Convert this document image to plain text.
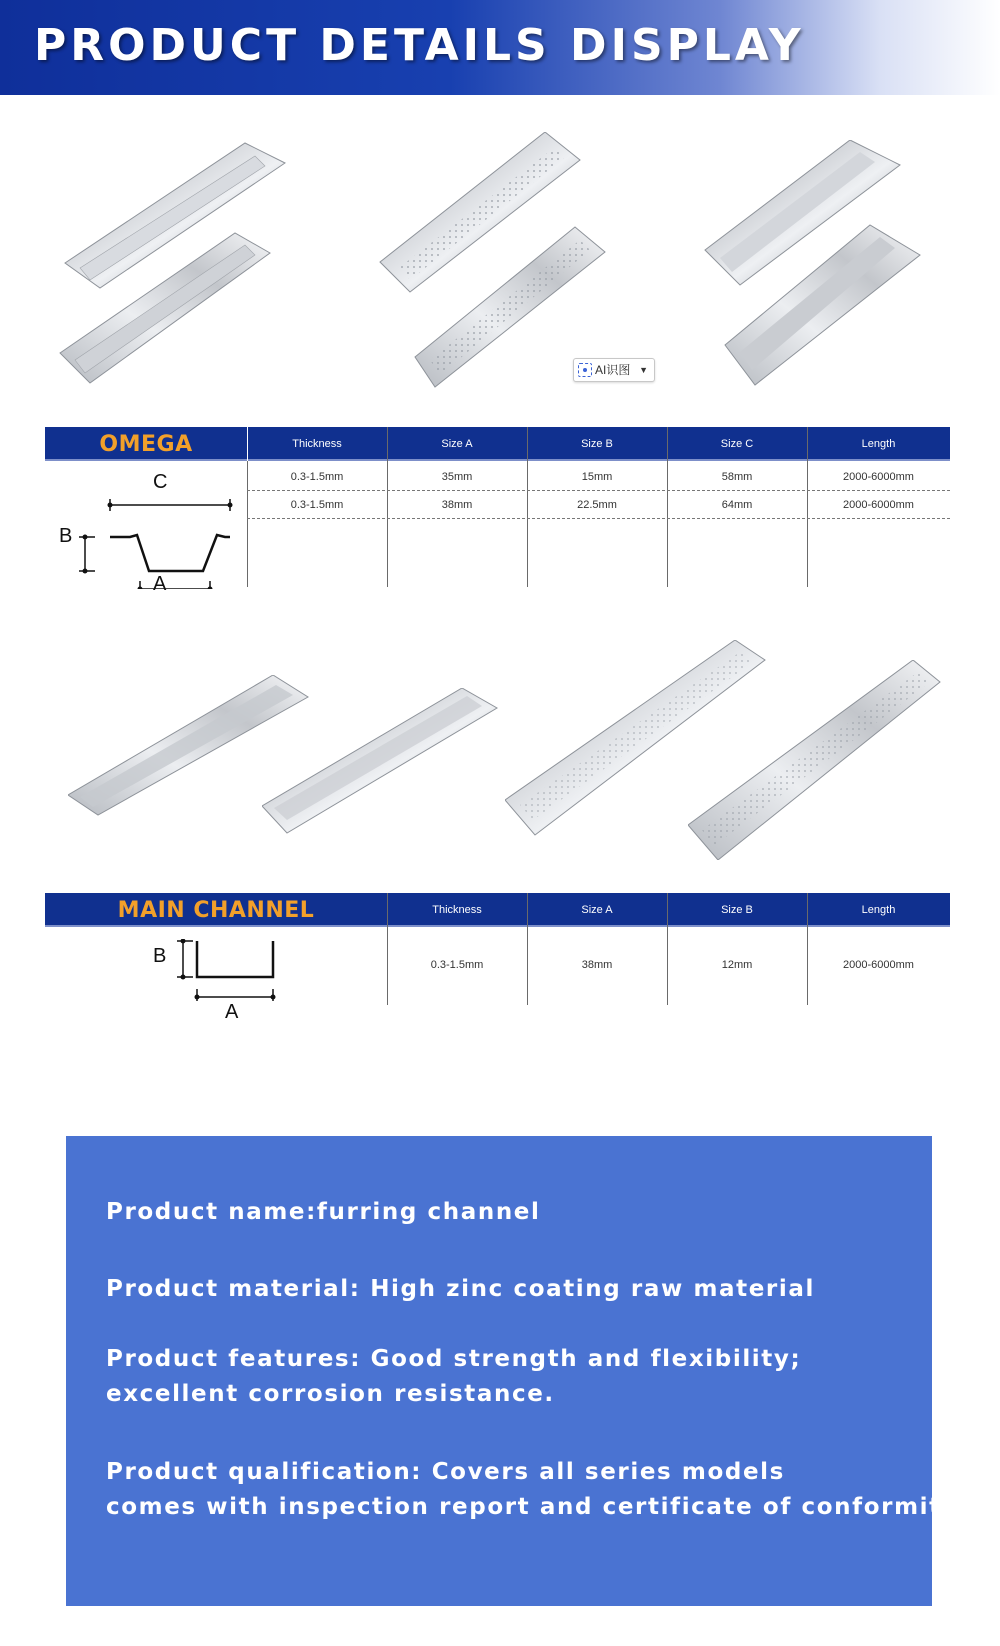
PRODUCT DETAILS DISPLAY
AI识图 ▼
OMEGA	Thickness	Size A	Size B	Size C	Length
0.3-1.5mm	35mm	15mm	58mm	2000-6000mm
0.3-1.5mm	38mm	22.5mm	64mm	2000-6000mm
C
B
A
MAIN CHANNEL	Thickness	Size A	Size B	Length
0.3-1.5mm	38mm	12mm	2000-6000mm
B
A
Product name:furring channel
Product material: High zinc coating raw material
Product features: Good strength and flexibility;
excellent corrosion resistance.
Product qualification: Covers all series models
comes with inspection report and certificate of conformity
